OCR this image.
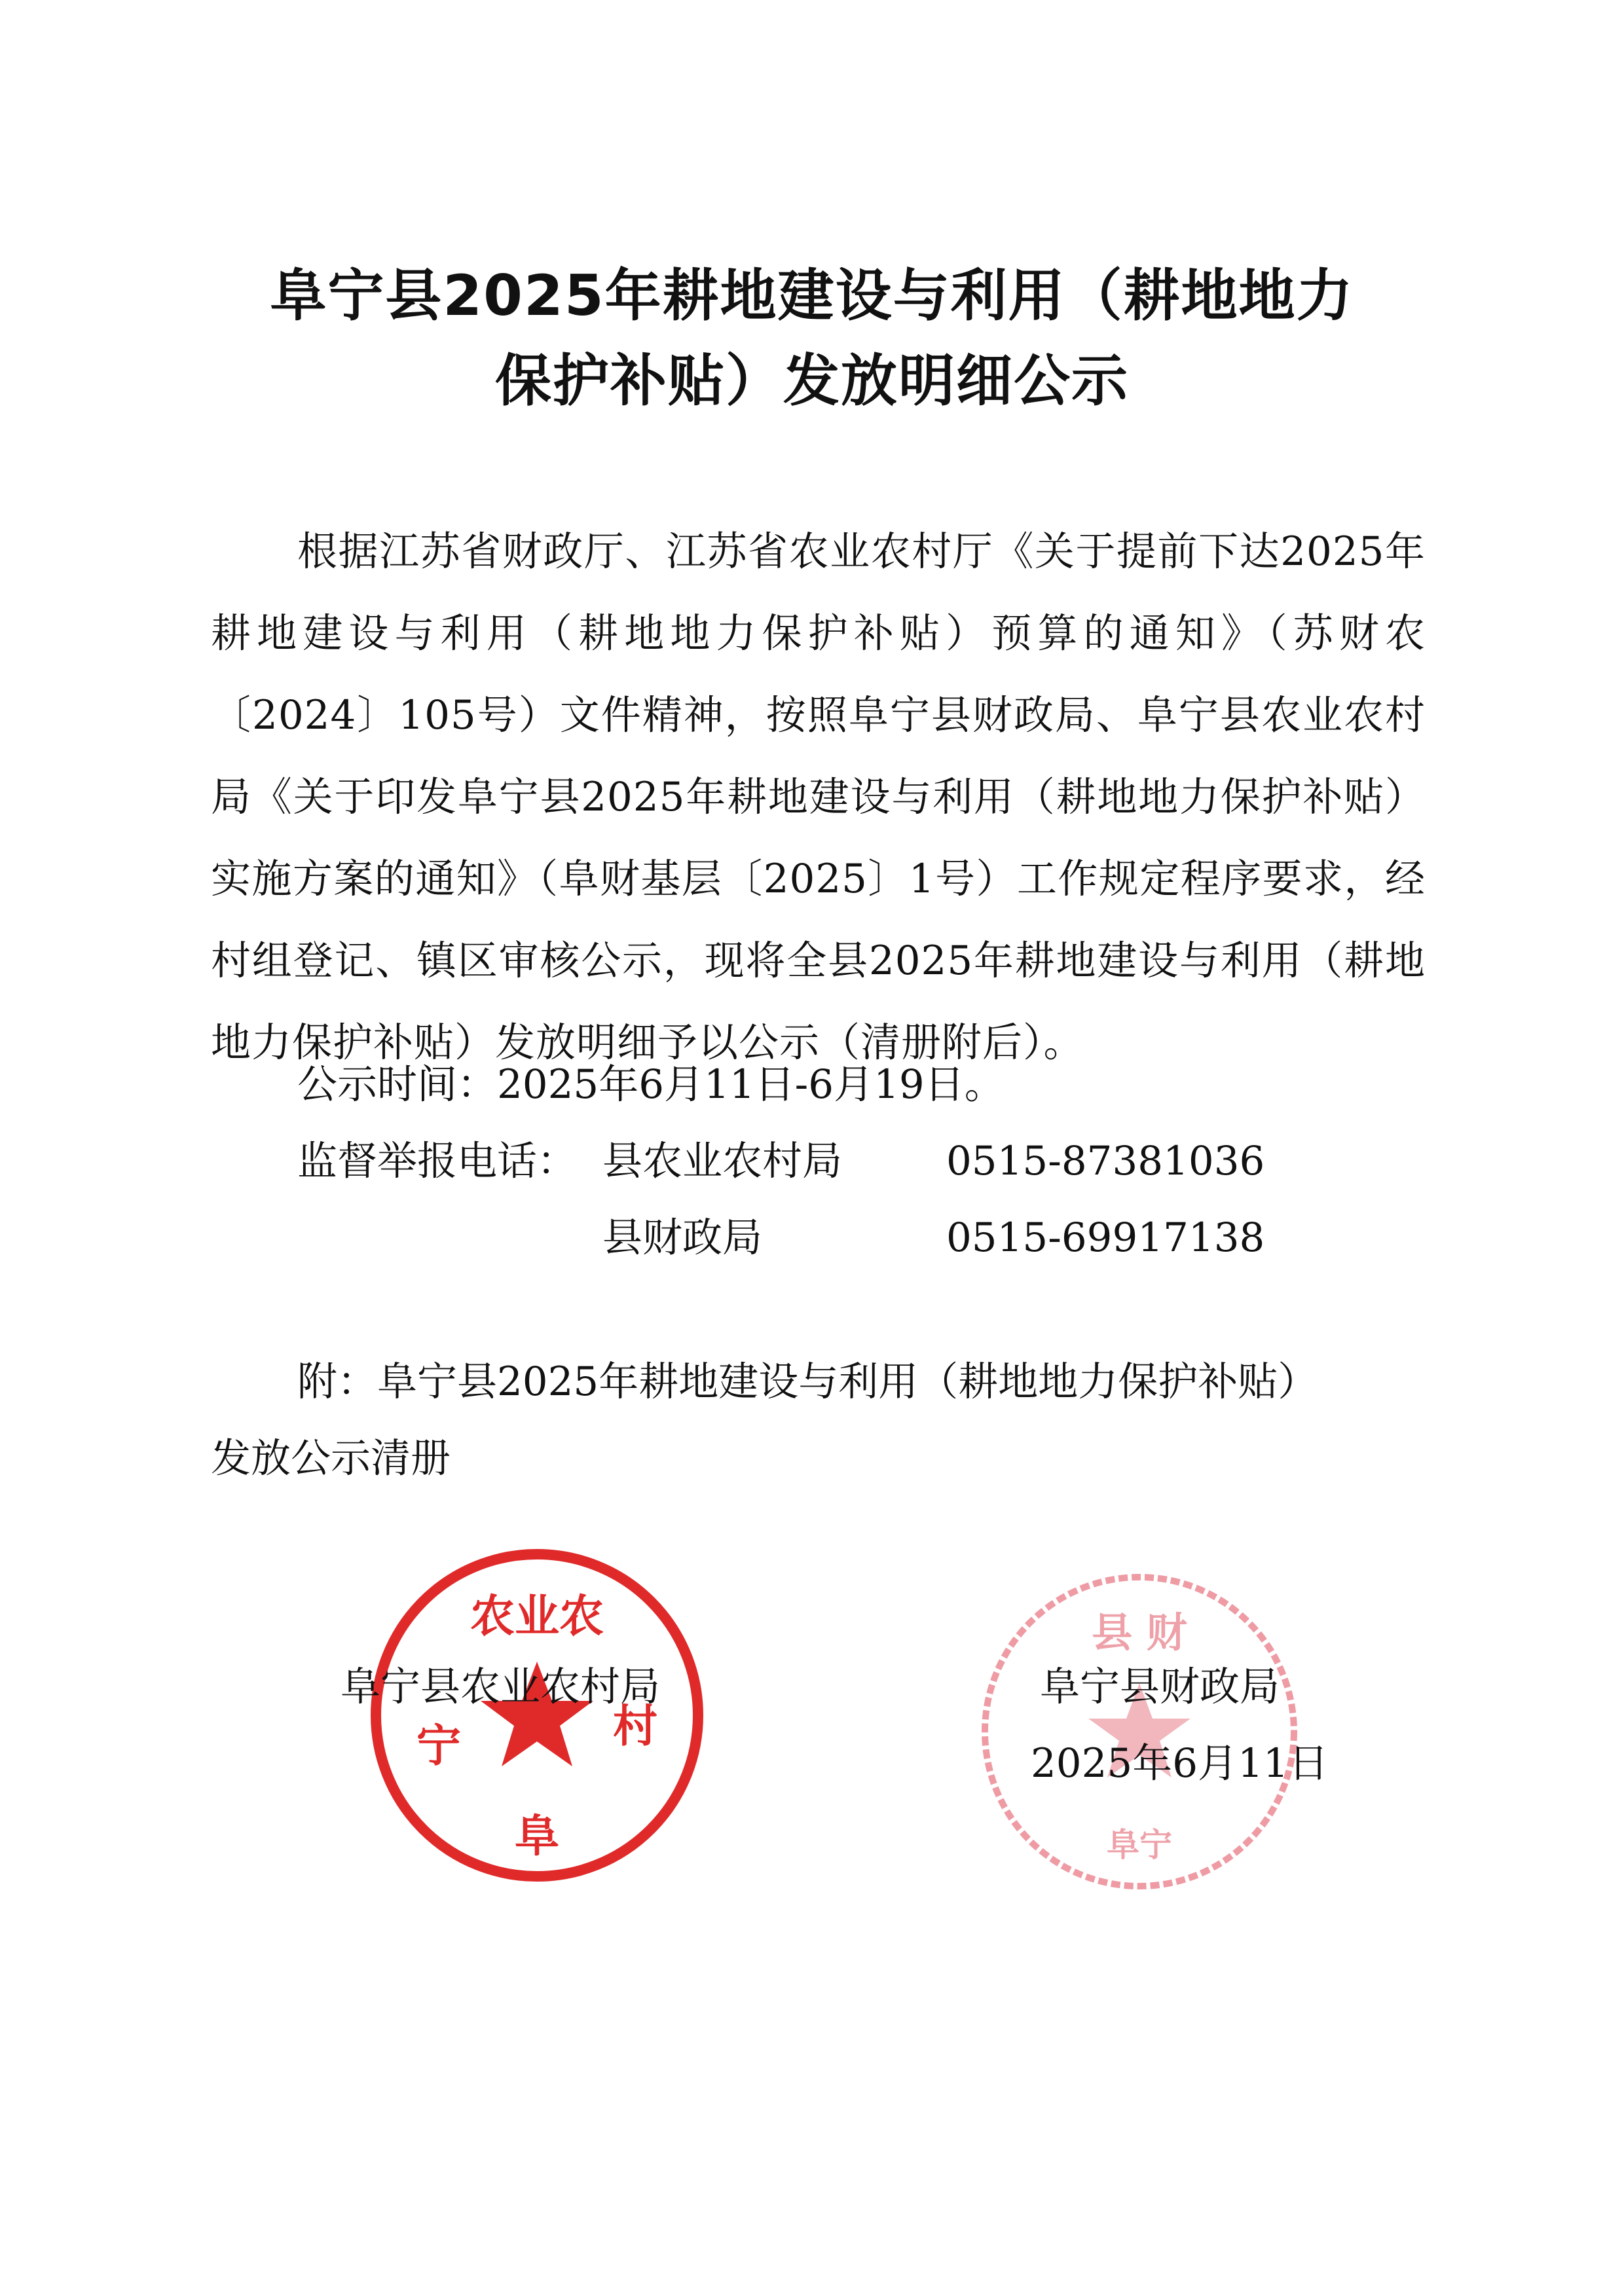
阜宁县2025年耕地建设与利用（耕地地力
保护补贴）发放明细公示

根据江苏省财政厅、江苏省农业农村厅《关于提前下达2025年耕地建设与利用（耕地地力保护补贴）预算的通知》（苏财农〔2024〕105号）文件精神，按照阜宁县财政局、阜宁县农业农村局《关于印发阜宁县2025年耕地建设与利用（耕地地力保护补贴）实施方案的通知》（阜财基层〔2025〕1号）工作规定程序要求，经村组登记、镇区审核公示，现将全县2025年耕地建设与利用（耕地地力保护补贴）发放明细予以公示（清册附后）。

公示时间：2025年6月11日-6月19日。

监督举报电话： 县农业农村局	0515-87381036

县财政局	0515-69917138

附：阜宁县2025年耕地建设与利用（耕地地力保护补贴）

发放公示清册

农业农
宁
阜
村
县 财
阜宁
阜宁县农业农村局	阜宁县财政局
2025年6月11日
